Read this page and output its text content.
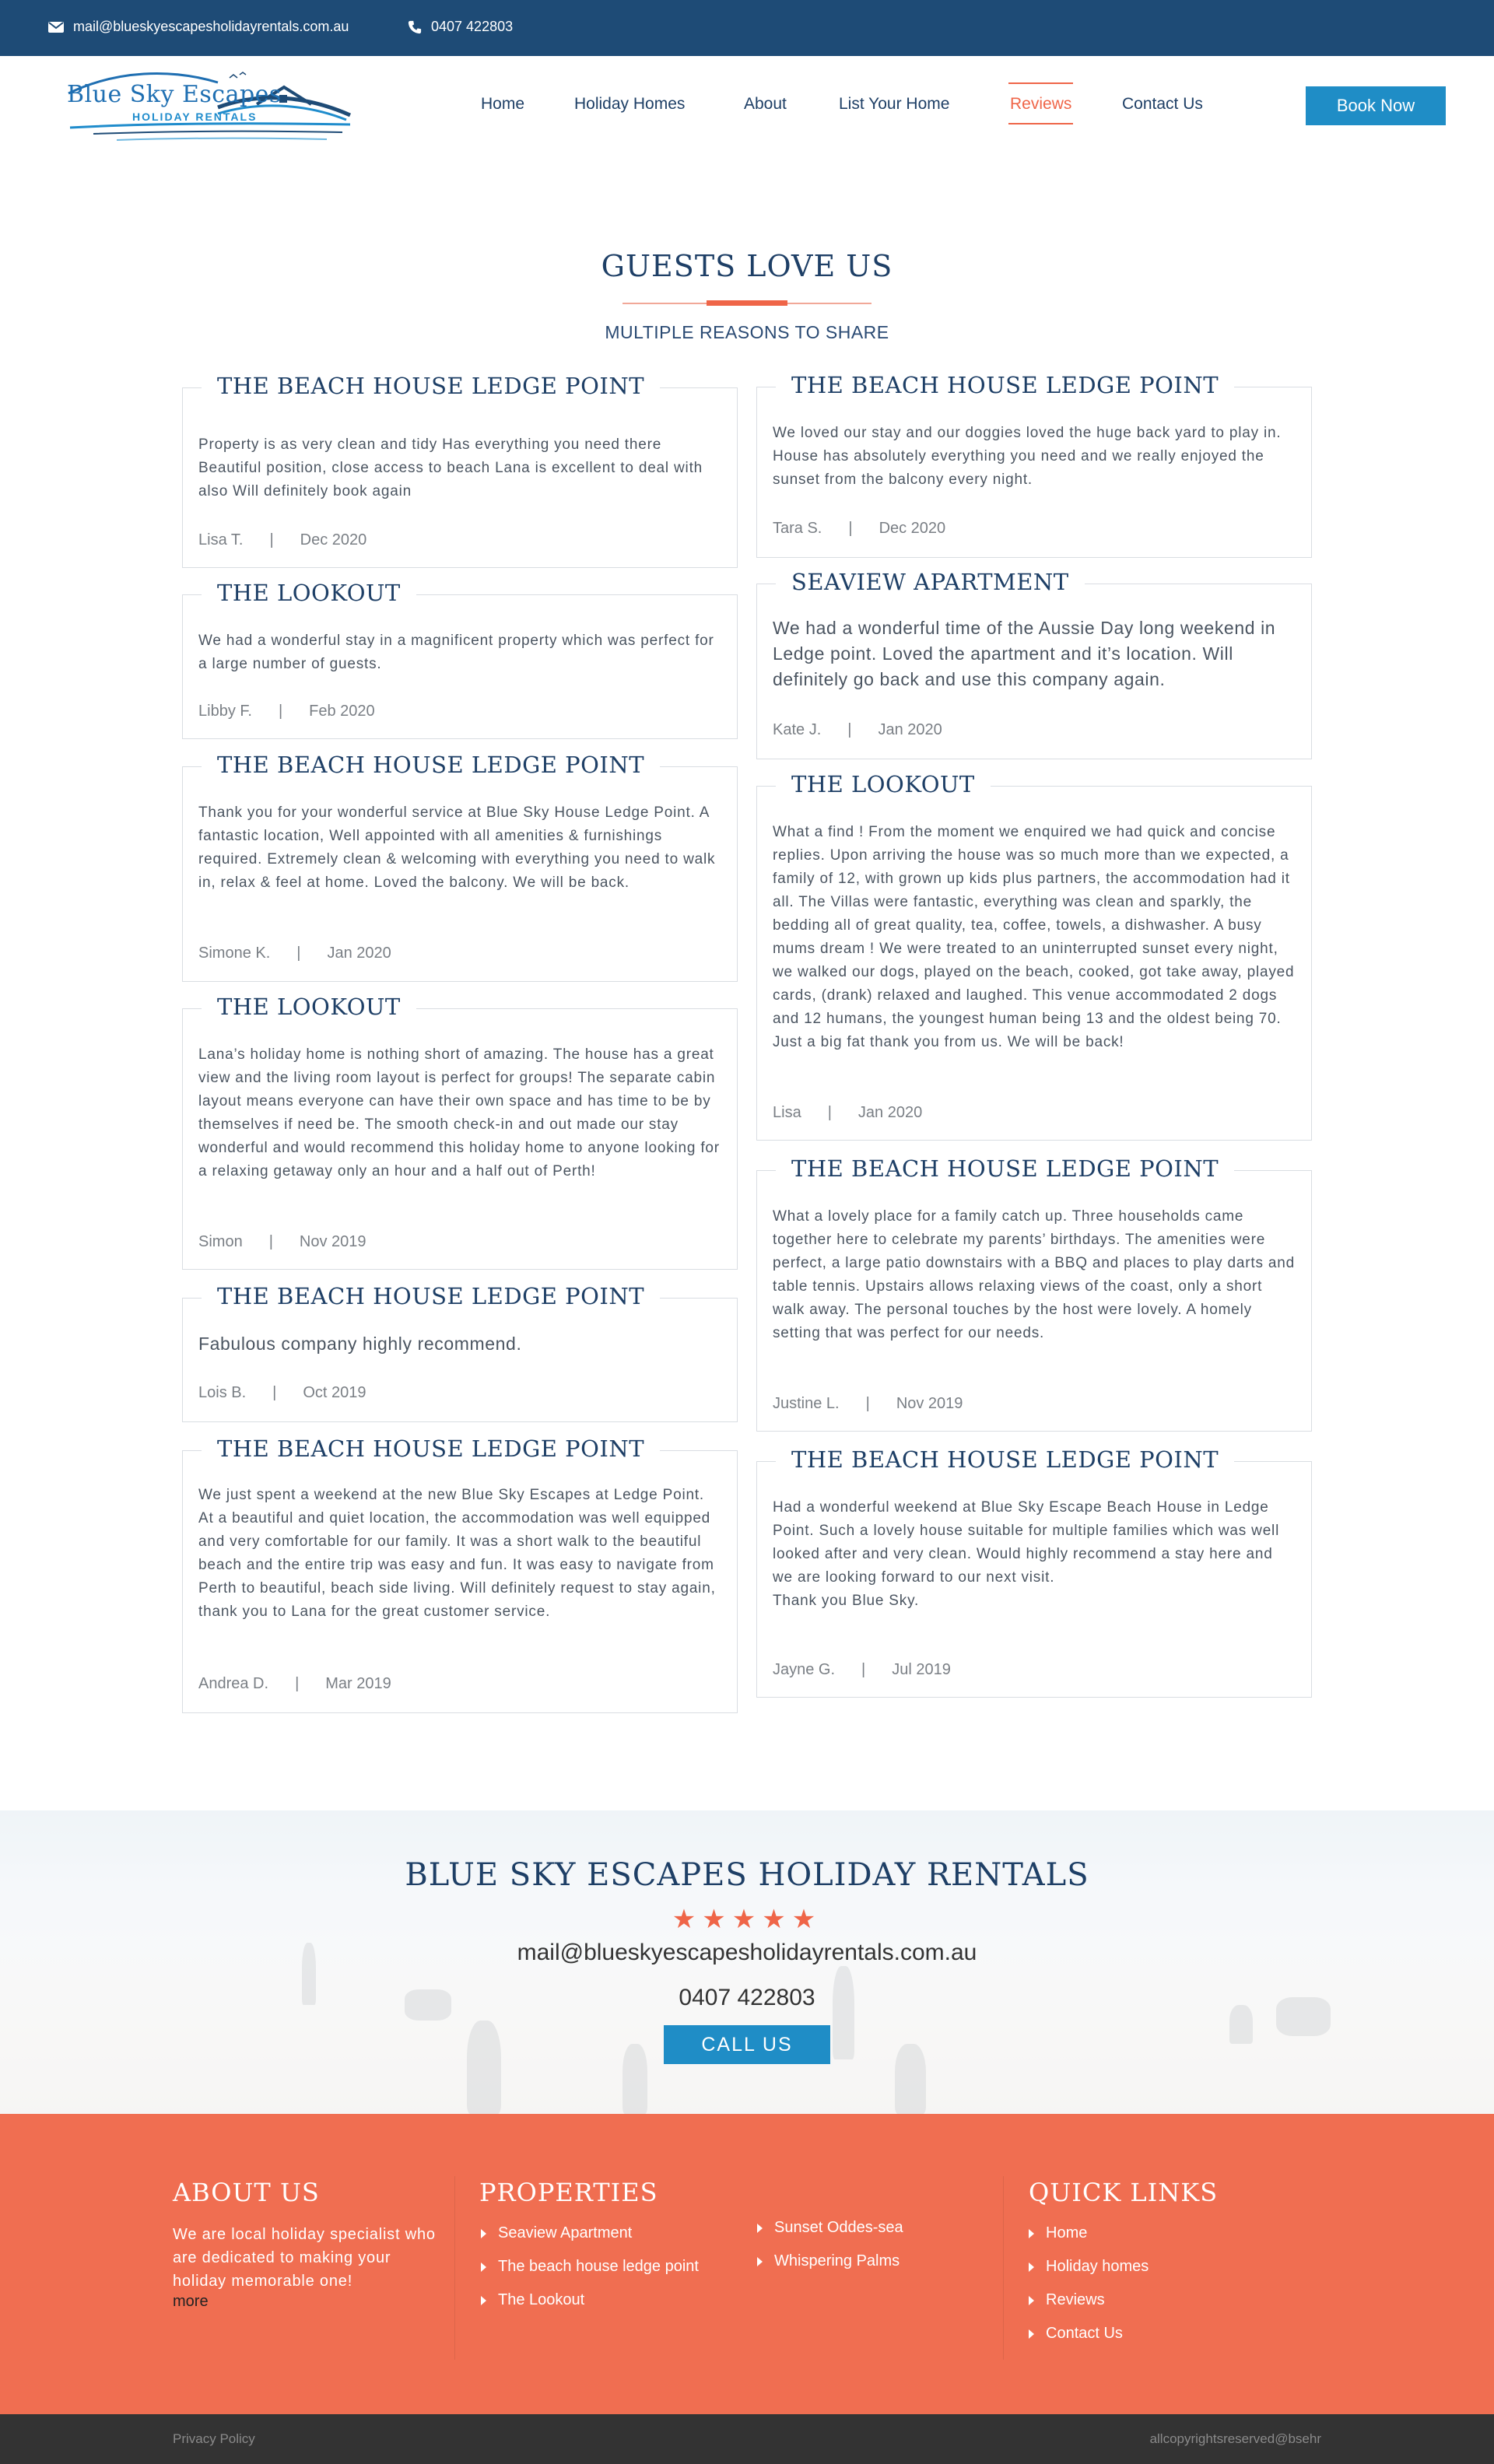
mail@blueskyescapesholidayrentals.com.au	0407 422803
Blue Sky Escapes
HOLIDAY RENTALS
Home	Holiday Homes	About	List Your Home	Reviews	Contact Us	Book Now
GUESTS LOVE US
MULTIPLE REASONS TO SHARE
THE BEACH HOUSE LEDGE POINT
Property is as very clean and tidy Has everything you need there Beautiful position, close access to beach Lana is excellent to deal with also Will definitely book again
Lisa T. | Dec 2020
THE LOOKOUT
We had a wonderful stay in a magnificent property which was perfect for a large number of guests.
Libby F. | Feb 2020
THE BEACH HOUSE LEDGE POINT
Thank you for your wonderful service at Blue Sky House Ledge Point. A fantastic location, Well appointed with all amenities & furnishings required. Extremely clean & welcoming with everything you need to walk in, relax & feel at home. Loved the balcony. We will be back.
Simone K. | Jan 2020
THE LOOKOUT
Lana’s holiday home is nothing short of amazing. The house has a great view and the living room layout is perfect for groups! The separate cabin layout means everyone can have their own space and has time to be by themselves if need be. The smooth check-in and out made our stay wonderful and would recommend this holiday home to anyone looking for a relaxing getaway only an hour and a half out of Perth!
Simon | Nov 2019
THE BEACH HOUSE LEDGE POINT
Fabulous company highly recommend.
Lois B. | Oct 2019
THE BEACH HOUSE LEDGE POINT
We just spent a weekend at the new Blue Sky Escapes at Ledge Point. At a beautiful and quiet location, the accommodation was well equipped and very comfortable for our family. It was a short walk to the beautiful beach and the entire trip was easy and fun. It was easy to navigate from Perth to beautiful, beach side living. Will definitely request to stay again, thank you to Lana for the great customer service.
Andrea D. | Mar 2019
THE BEACH HOUSE LEDGE POINT
We loved our stay and our doggies loved the huge back yard to play in. House has absolutely everything you need and we really enjoyed the sunset from the balcony every night.
Tara S. | Dec 2020
SEAVIEW APARTMENT
We had a wonderful time of the Aussie Day long weekend in Ledge point. Loved the apartment and it’s location. Will definitely go back and use this company again.
Kate J. | Jan 2020
THE LOOKOUT
What a find ! From the moment we enquired we had quick and concise replies. Upon arriving the house was so much more than we expected, a family of 12, with grown up kids plus partners, the accommodation had it all. The Villas were fantastic, everything was clean and sparkly, the bedding all of great quality, tea, coffee, towels, a dishwasher. A busy mums dream ! We were treated to an uninterrupted sunset every night, we walked our dogs, played on the beach, cooked, got take away, played cards, (drank) relaxed and laughed. This venue accommodated 2 dogs and 12 humans, the youngest human being 13 and the oldest being 70. Just a big fat thank you from us. We will be back!
Lisa | Jan 2020
THE BEACH HOUSE LEDGE POINT
What a lovely place for a family catch up. Three households came together here to celebrate my parents’ birthdays. The amenities were perfect, a large patio downstairs with a BBQ and places to play darts and table tennis. Upstairs allows relaxing views of the coast, only a short walk away. The personal touches by the host were lovely. A homely setting that was perfect for our needs.
Justine L. | Nov 2019
THE BEACH HOUSE LEDGE POINT
Had a wonderful weekend at Blue Sky Escape Beach House in Ledge Point. Such a lovely house suitable for multiple families which was well looked after and very clean. Would highly recommend a stay here and we are looking forward to our next visit.
Thank you Blue Sky.
Jayne G. | Jul 2019
BLUE SKY ESCAPES HOLIDAY RENTALS
★★★★★
mail@blueskyescapesholidayrentals.com.au
0407 422803
CALL US
ABOUT US
We are local holiday specialist who are dedicated to making your holiday memorable one!
more
PROPERTIES
Seaview Apartment
The beach house ledge point
The Lookout
Sunset Oddes-sea
Whispering Palms
QUICK LINKS
Home
Holiday homes
Reviews
Contact Us
Privacy Policy	allcopyrightsreserved@bsehr
